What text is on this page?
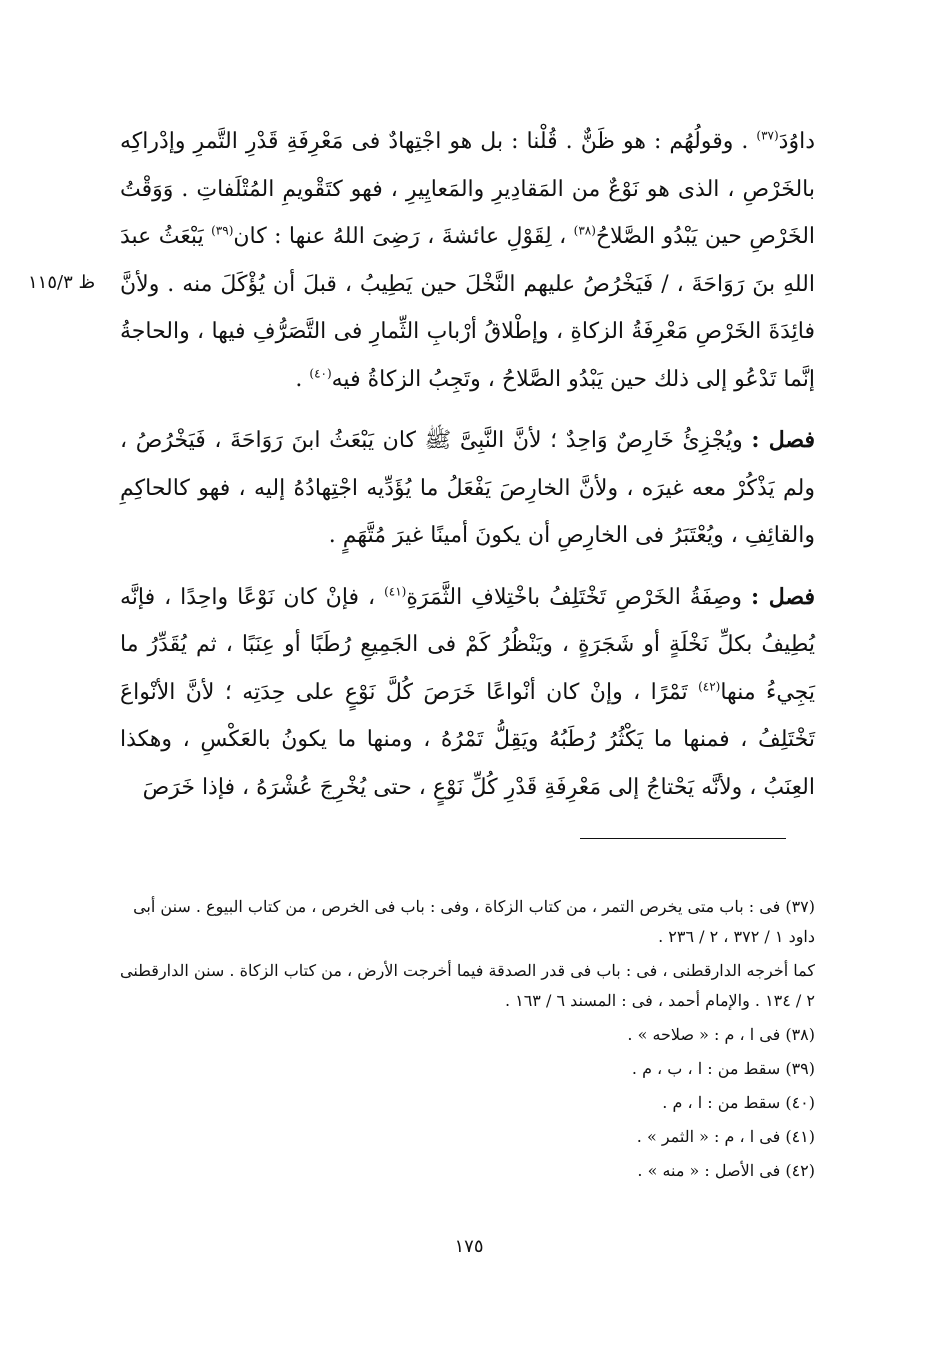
ظ ١١٥/٣

داوُدَ$^{(٣٧)}$ . وقولُهُم : هو ظَنٌّ . قُلْنا : بل هو اجْتِهادٌ فى مَعْرِفَةِ قَدْرِ التَّمرِ وإدْراكِه بالخَرْصِ ، الذى هو نَوْعٌ من المَقادِيرِ والمَعايِيرِ ، فهو كتَقْويمِ المُتْلَفاتِ . وَوَقْتُ الخَرْصِ حين يَبْدُو الصَّلاحُ$^{(٣٨)}$ ، لِقَوْلِ عائشةَ ، رَضِىَ اللهُ عنها : كان$^{(٣٩)}$ يَبْعَثُ عبدَ اللهِ بنَ رَوَاحَةَ ، / فَيَخْرُصُ عليهم النَّخْلَ حين يَطِيبُ ، قبلَ أن يُؤْكَلَ منه . ولأنَّ فائِدَةَ الخَرْصِ مَعْرِفَةُ الزكاةِ ، وإطْلاقُ أرْبابِ الثِّمارِ فى التَّصَرُّفِ فيها ، والحاجةُ إنَّما تَدْعُو إلى ذلك حين يَبْدُو الصَّلاحُ ، وتَجِبُ الزكاةُ فيه$^{(٤٠)}$ .

فصل : ويُجْزِئُ خَارِصٌ وَاحِدٌ ؛ لأنَّ النَّبِىَّ ﷺ كان يَبْعَثُ ابنَ رَوَاحَةَ ، فَيَخْرُصُ ، ولم يَذْكُرْ معه غيرَه ، ولأنَّ الخارِصَ يَفْعَلُ ما يُؤَدِّيه اجْتِهادُهُ إليه ، فهو كالحاكِمِ والقائِفِ ، ويُعْتَبَرُ فى الخارِصِ أن يكونَ أمينًا غيرَ مُتَّهَمٍ .

فصل : وصِفَةُ الخَرْصِ تَخْتَلِفُ باخْتِلافِ الثَّمَرَةِ$^{(٤١)}$ ، فإنْ كان نَوْعًا واحِدًا ، فإنَّه يُطِيفُ بكلِّ نَخْلَةٍ أو شَجَرَةٍ ، ويَنْظُرُ كَمْ فى الجَمِيعِ رُطَبًا أو عِنَبًا ، ثم يُقَدِّرُ ما يَجِيءُ منها$^{(٤٢)}$ تَمْرًا ، وإنْ كان أنْواعًا خَرَصَ كُلَّ نَوْعٍ على حِدَتِه ؛ لأنَّ الأنْواعَ تَخْتَلِفُ ، فمنها ما يَكْثُرُ رُطَبُهُ ويَقِلُّ تَمْرُهُ ، ومنها ما يكونُ بالعَكْسِ ، وهكذا العِنَبُ ، ولأنَّه يَحْتاجُ إلى مَعْرِفَةِ قَدْرِ كُلِّ نَوْعٍ ، حتى يُخْرِجَ عُشْرَهُ ، فإذا خَرَصَ

(٣٧) فى : باب متى يخرص التمر ، من كتاب الزكاة ، وفى : باب فى الخرص ، من كتاب البيوع . سنن أبى داود ١ / ٣٧٢ ، ٢ / ٢٣٦ .

كما أخرجه الدارقطنى ، فى : باب فى قدر الصدقة فيما أخرجت الأرض ، من كتاب الزكاة . سنن الدارقطنى ٢ / ١٣٤ . والإمام أحمد ، فى : المسند ٦ / ١٦٣ .

(٣٨) فى ا ، م : « صلاحه » .

(٣٩) سقط من : ا ، ب ، م .

(٤٠) سقط من : ا ، م .

(٤١) فى ا ، م : « الثمر » .

(٤٢) فى الأصل : « منه » .

١٧٥
